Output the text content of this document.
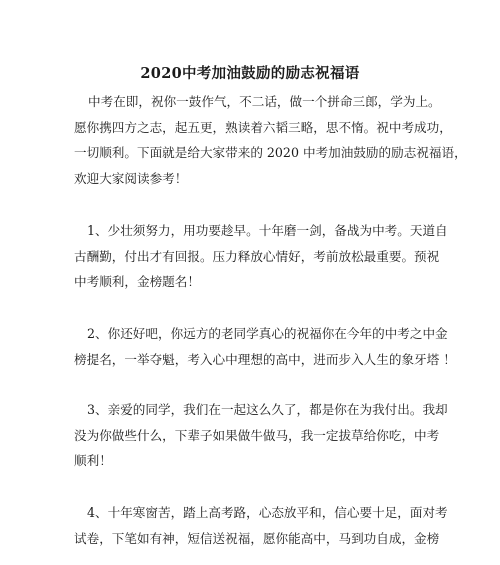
2020中考加油鼓励的励志祝福语
中考在即，祝你一鼓作气，不二话，做一个拼命三郎，学为上。
愿你携四方之志，起五更，熟读着六韬三略，思不惰。祝中考成功，
一切顺利。下面就是给大家带来的 2020 中考加油鼓励的励志祝福语，
欢迎大家阅读参考！
1、少壮须努力，用功要趁早。十年磨一剑，备战为中考。天道自
古酬勤，付出才有回报。压力释放心情好，考前放松最重要。预祝
中考顺利，金榜题名！
2、你还好吧，你远方的老同学真心的祝福你在今年的中考之中金
榜提名，一举夺魁，考入心中理想的高中，进而步入人生的象牙塔 ！
3、亲爱的同学，我们在一起这么久了，都是你在为我付出。我却
没为你做些什么，下辈子如果做牛做马，我一定拔草给你吃，中考
顺利！
4、十年寒窗苦，踏上高考路，心态放平和，信心要十足，面对考
试卷，下笔如有神，短信送祝福，愿你能高中，马到功自成，金榜
